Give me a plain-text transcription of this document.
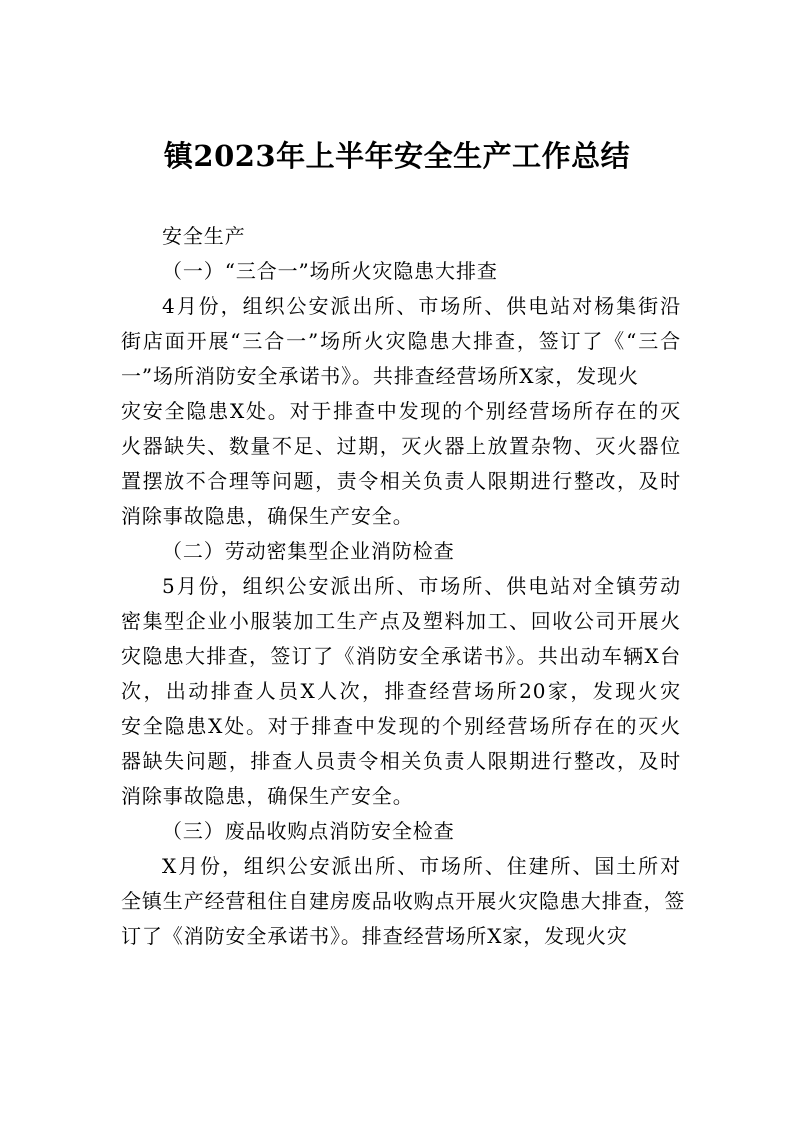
镇2023年上半年安全生产工作总结

安全生产

（一）“三合一”场所火灾隐患大排查

4月份，组织公安派出所、市场所、供电站对杨集街沿

街店面开展“三合一”场所火灾隐患大排查，签订了《“三合

一”场所消防安全承诺书》。共排查经营场所X家，发现火

灾安全隐患X处。对于排查中发现的个别经营场所存在的灭

火器缺失、数量不足、过期，灭火器上放置杂物、灭火器位

置摆放不合理等问题，责令相关负责人限期进行整改，及时

消除事故隐患，确保生产安全。

（二）劳动密集型企业消防检查

5月份，组织公安派出所、市场所、供电站对全镇劳动

密集型企业小服装加工生产点及塑料加工、回收公司开展火

灾隐患大排查，签订了《消防安全承诺书》。共出动车辆X台

次，出动排查人员X人次，排查经营场所20家，发现火灾

安全隐患X处。对于排查中发现的个别经营场所存在的灭火

器缺失问题，排查人员责令相关负责人限期进行整改，及时

消除事故隐患，确保生产安全。

（三）废品收购点消防安全检查

X月份，组织公安派出所、市场所、住建所、国土所对

全镇生产经营租住自建房废品收购点开展火灾隐患大排查，签

订了《消防安全承诺书》。排查经营场所X家，发现火灾
